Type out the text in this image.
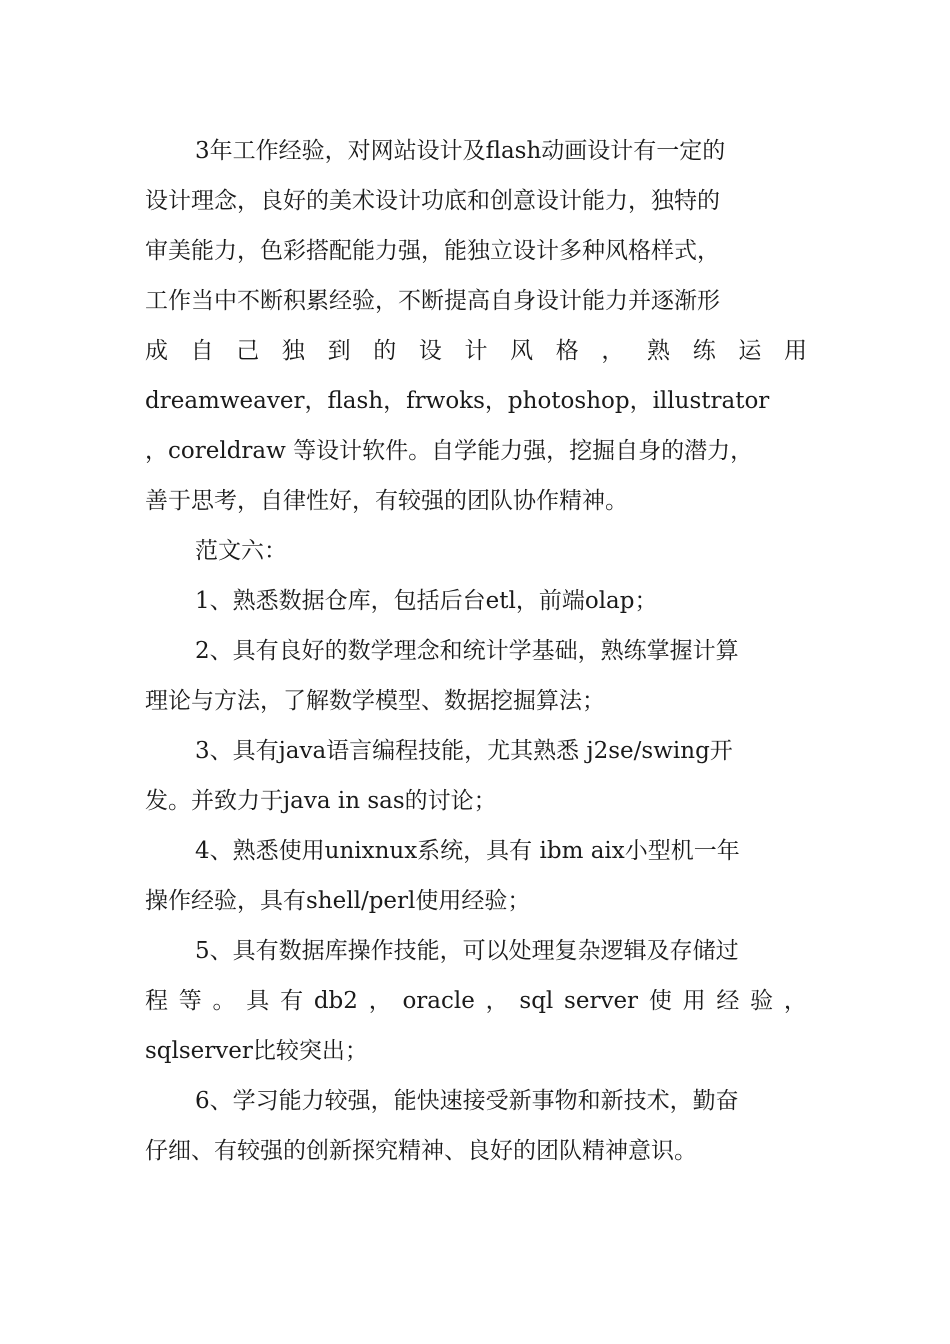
3年工作经验，对网站设计及flash动画设计有一定的
设计理念，良好的美术设计功底和创意设计能力，独特的
审美能力，色彩搭配能力强，能独立设计多种风格样式，
工作当中不断积累经验，不断提高自身设计能力并逐渐形
成 自 己 独 到 的 设 计 风 格 ， 熟 练 运 用
dreamweaver，flash，frwoks，photoshop，illustrator
，coreldraw 等设计软件。自学能力强，挖掘自身的潜力，
善于思考，自律性好，有较强的团队协作精神。
范文六：
1、熟悉数据仓库，包括后台etl，前端olap；
2、具有良好的数学理念和统计学基础，熟练掌握计算
理论与方法，了解数学模型、数据挖掘算法；
3、具有java语言编程技能，尤其熟悉 j2se/swing开
发。并致力于java in sas的讨论；
4、熟悉使用unixnux系统，具有 ibm aix小型机一年
操作经验，具有shell/perl使用经验；
5、具有数据库操作技能，可以处理复杂逻辑及存储过
程 等 。 具 有 db2 ， oracle ， sql server 使 用 经 验 ，
sqlserver比较突出；
6、学习能力较强，能快速接受新事物和新技术，勤奋
仔细、有较强的创新探究精神、良好的团队精神意识。
